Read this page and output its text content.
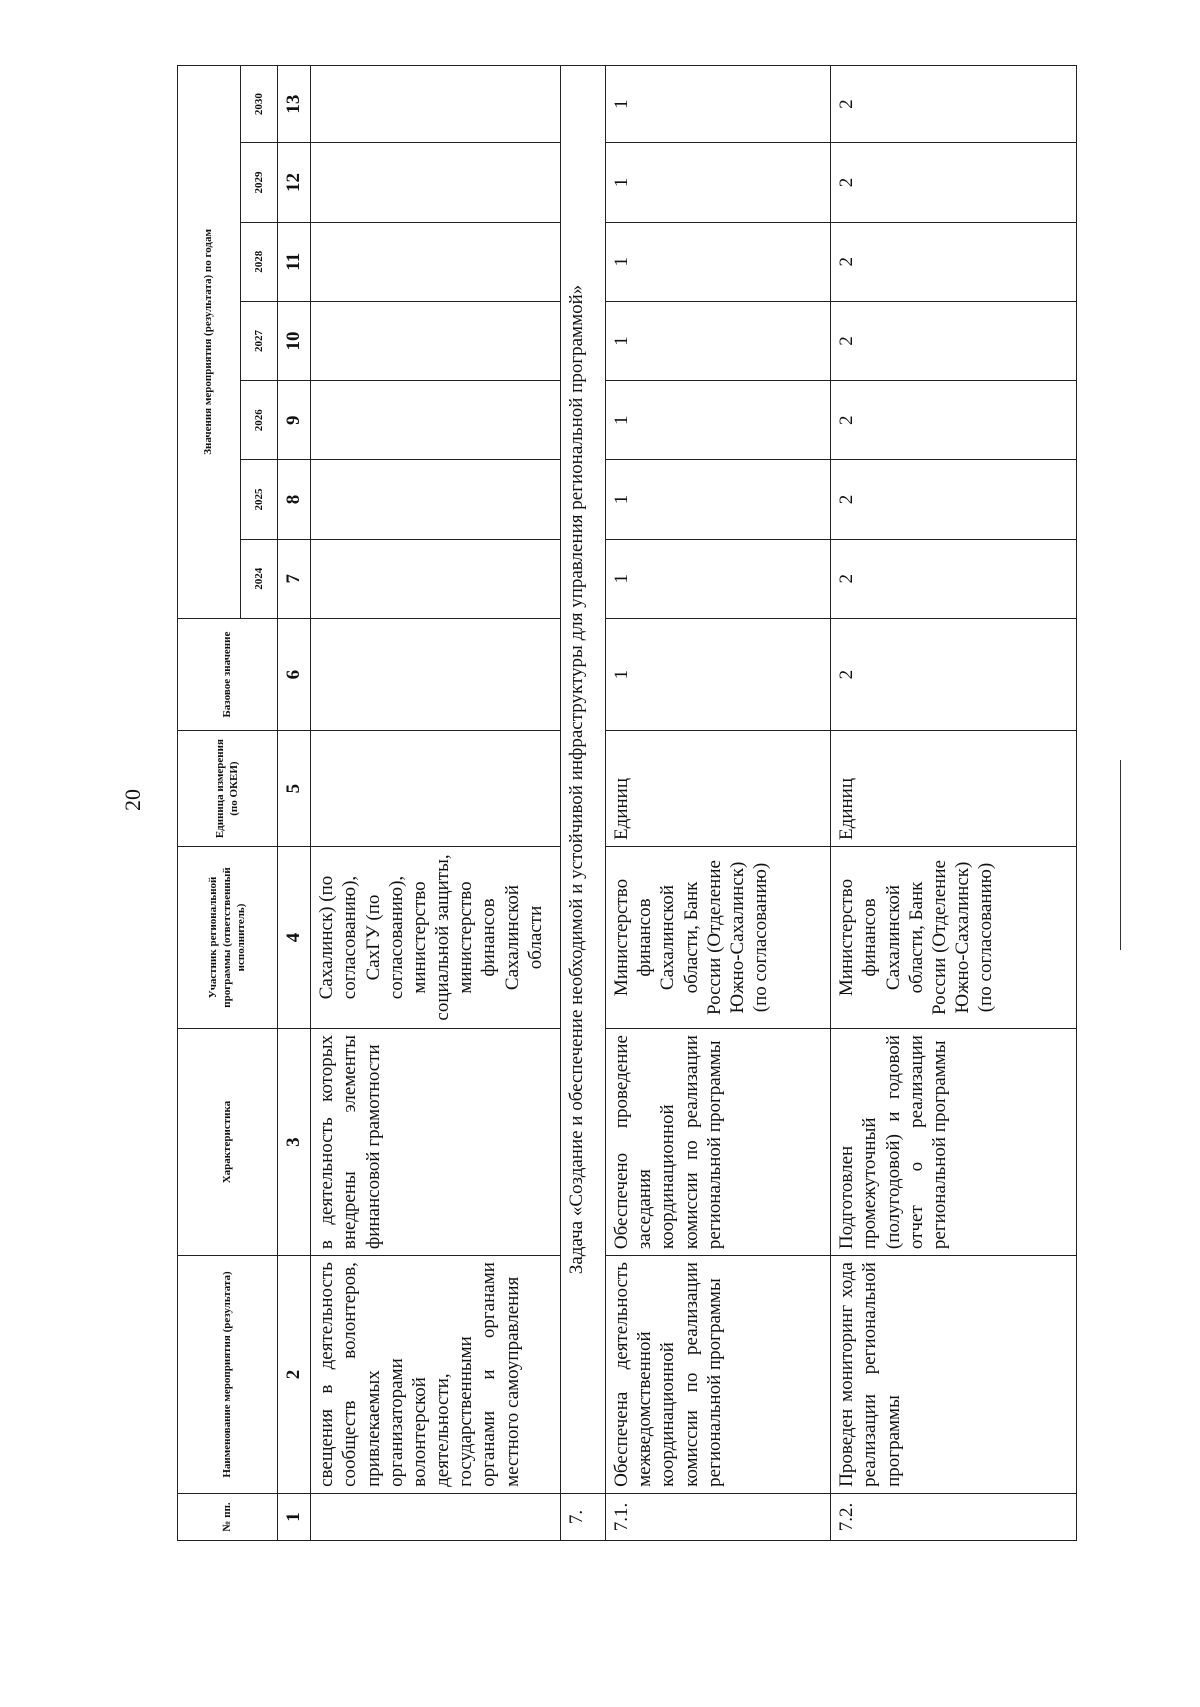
20
№ пп.	Наименование мероприятия (результата)	Характеристика	Участник региональной программы (ответственный исполнитель)	Единица измерения (по ОКЕИ)	Базовое значение	Значения мероприятия (результата) по годам						
						2024	2025	2026	2027	2028	2029	2030
1	2	3	4	5	6	7	8	9	10	11	12	13
	свещения в деятельность сообществ волонтеров, привлекаемых организаторами волонтерской деятельности, государственными органами и органами местного самоуправления	в деятельность которых внедрены элементы финансовой грамотности	Сахалинск) (по согласованию), СахГУ (по согласованию), министерство социальной защиты, министерство финансов Сахалинской области									
7.	Задача «Создание и обеспечение необходимой и устойчивой инфраструктуры для управления региональной программой»											
7.1.	Обеспечена деятельность межведомственной координационной комиссии по реализации региональной программы	Обеспечено проведение заседания координационной комиссии по реализации региональной программы	Министерство финансов Сахалинской области, Банк России (Отделение Южно-Сахалинск) (по согласованию)	Единиц	1	1	1	1	1	1	1	1
7.2.	Проведен мониторинг хода реализации региональной программы	Подготовлен промежуточный (полугодовой) и годовой отчет о реализации региональной программы	Министерство финансов Сахалинской области, Банк России (Отделение Южно-Сахалинск) (по согласованию)	Единиц	2	2	2	2	2	2	2	2
